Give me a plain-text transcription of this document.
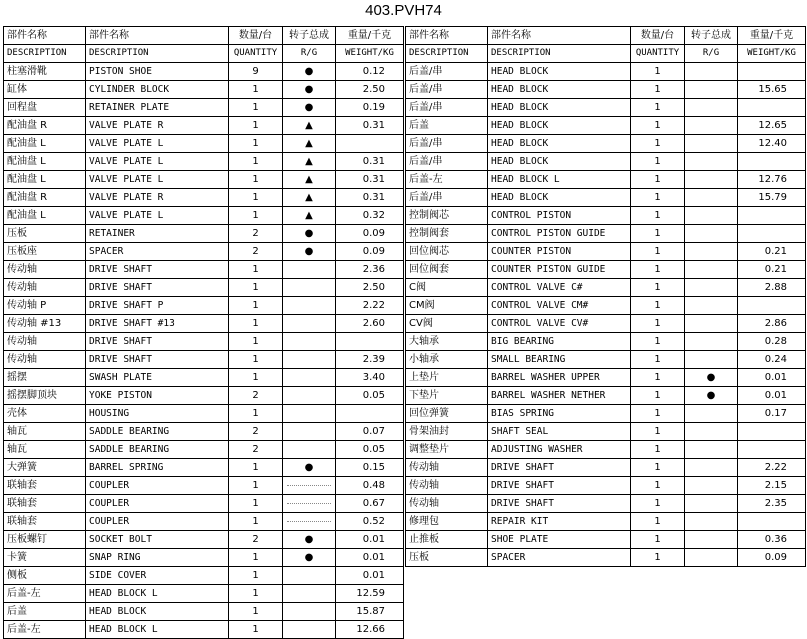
403.PVH74
部件名称	部件名称	数量/台	转子总成	重量/千克
DESCRIPTION	DESCRIPTION	QUANTITY	R/G	WEIGHT/KG
柱塞滑靴	PISTON SHOE	9	●	0.12
缸体	CYLINDER BLOCK	1	●	2.50
回程盘	RETAINER PLATE	1	●	0.19
配油盘 R	VALVE PLATE R	1	▲	0.31
配油盘 L	VALVE PLATE L	1	▲	
配油盘 L	VALVE PLATE L	1	▲	0.31
配油盘 L	VALVE PLATE L	1	▲	0.31
配油盘 R	VALVE PLATE R	1	▲	0.31
配油盘 L	VALVE PLATE L	1	▲	0.32
压板	RETAINER	2	●	0.09
压板座	SPACER	2	●	0.09
传动轴	DRIVE SHAFT	1		2.36
传动轴	DRIVE SHAFT	1		2.50
传动轴 P	DRIVE SHAFT P	1		2.22
传动轴 #13	DRIVE SHAFT #13	1		2.60
传动轴	DRIVE SHAFT	1		
传动轴	DRIVE SHAFT	1		2.39
摇摆	SWASH PLATE	1		3.40
摇摆脚顶块	YOKE PISTON	2		0.05
壳体	HOUSING	1		
轴瓦	SADDLE BEARING	2		0.07
轴瓦	SADDLE BEARING	2		0.05
大弹簧	BARREL SPRING	1	●	0.15
联轴套	COUPLER	1		0.48
联轴套	COUPLER	1		0.67
联轴套	COUPLER	1		0.52
压板螺钉	SOCKET BOLT	2	●	0.01
卡簧	SNAP RING	1	●	0.01
侧板	SIDE COVER	1		0.01
后盖-左	HEAD BLOCK L	1		12.59
后盖	HEAD BLOCK	1		15.87
后盖-左	HEAD BLOCK L	1		12.66
部件名称	部件名称	数量/台	转子总成	重量/千克
DESCRIPTION	DESCRIPTION	QUANTITY	R/G	WEIGHT/KG
后盖/串	HEAD BLOCK	1		
后盖/串	HEAD BLOCK	1		15.65
后盖/串	HEAD BLOCK	1		
后盖	HEAD BLOCK	1		12.65
后盖/串	HEAD BLOCK	1		12.40
后盖/串	HEAD BLOCK	1		
后盖-左	HEAD BLOCK L	1		12.76
后盖/串	HEAD BLOCK	1		15.79
控制阀芯	CONTROL PISTON	1		
控制阀套	CONTROL PISTON GUIDE	1		
回位阀芯	COUNTER PISTON	1		0.21
回位阀套	COUNTER PISTON GUIDE	1		0.21
C阀	CONTROL VALVE C#	1		2.88
CM阀	CONTROL VALVE CM#	1		
CV阀	CONTROL VALVE CV#	1		2.86
大轴承	BIG BEARING	1		0.28
小轴承	SMALL BEARING	1		0.24
上垫片	BARREL WASHER UPPER	1	●	0.01
下垫片	BARREL WASHER NETHER	1	●	0.01
回位弹簧	BIAS SPRING	1		0.17
骨架油封	SHAFT SEAL	1		
调整垫片	ADJUSTING WASHER	1		
传动轴	DRIVE SHAFT	1		2.22
传动轴	DRIVE SHAFT	1		2.15
传动轴	DRIVE SHAFT	1		2.35
修理包	REPAIR KIT	1		
止推板	SHOE PLATE	1		0.36
压板	SPACER	1		0.09
